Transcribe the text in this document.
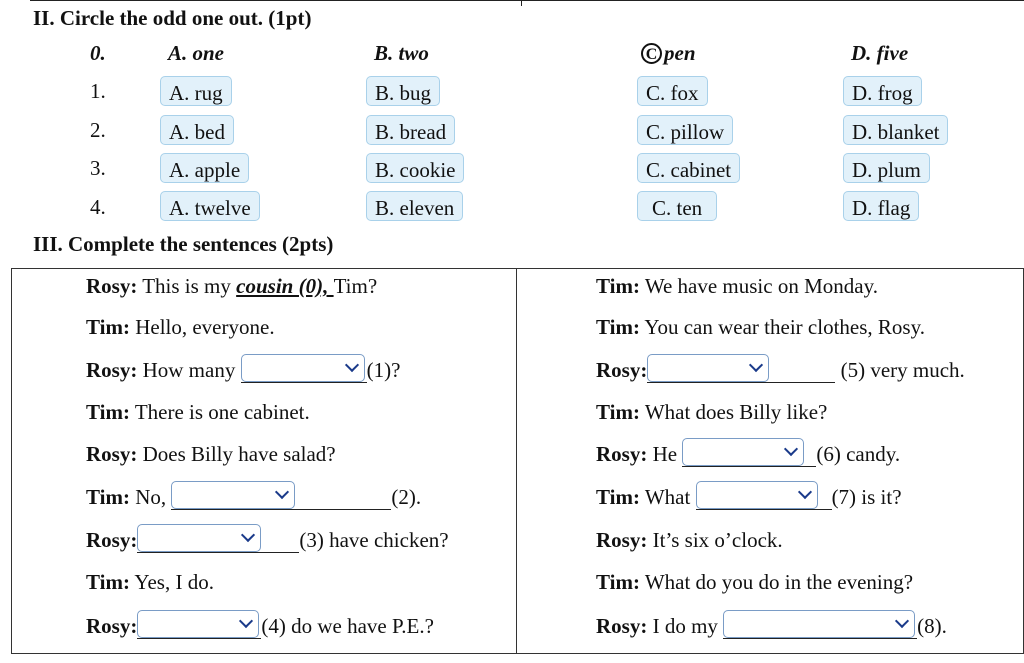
II. Circle the odd one out. (1pt)
0.	A. one	B. two	C pen	D. five
1.	A. rug	B. bug	C. fox	D. frog
2.	A. bed	B. bread	C. pillow	D. blanket
3.	A. apple	B. cookie	C. cabinet	D. plum
4.	A. twelve	B. eleven	C. ten	D. flag
III. Complete the sentences (2pts)
Rosy: This is my cousin (0), Tim?
Tim: Hello, everyone.
Rosy: How many	(1)?
Tim: There is one cabinet.
Rosy: Does Billy have salad?
Tim: No,	(2).
Rosy:	(3) have chicken?
Tim: Yes, I do.
Rosy:	(4) do we have P.E.?
Tim: We have music on Monday.
Tim: You can wear their clothes, Rosy.
Rosy:	(5) very much.
Tim: What does Billy like?
Rosy: He	(6) candy.
Tim: What	(7) is it?
Rosy: It’s six o’clock.
Tim: What do you do in the evening?
Rosy: I do my	(8).
